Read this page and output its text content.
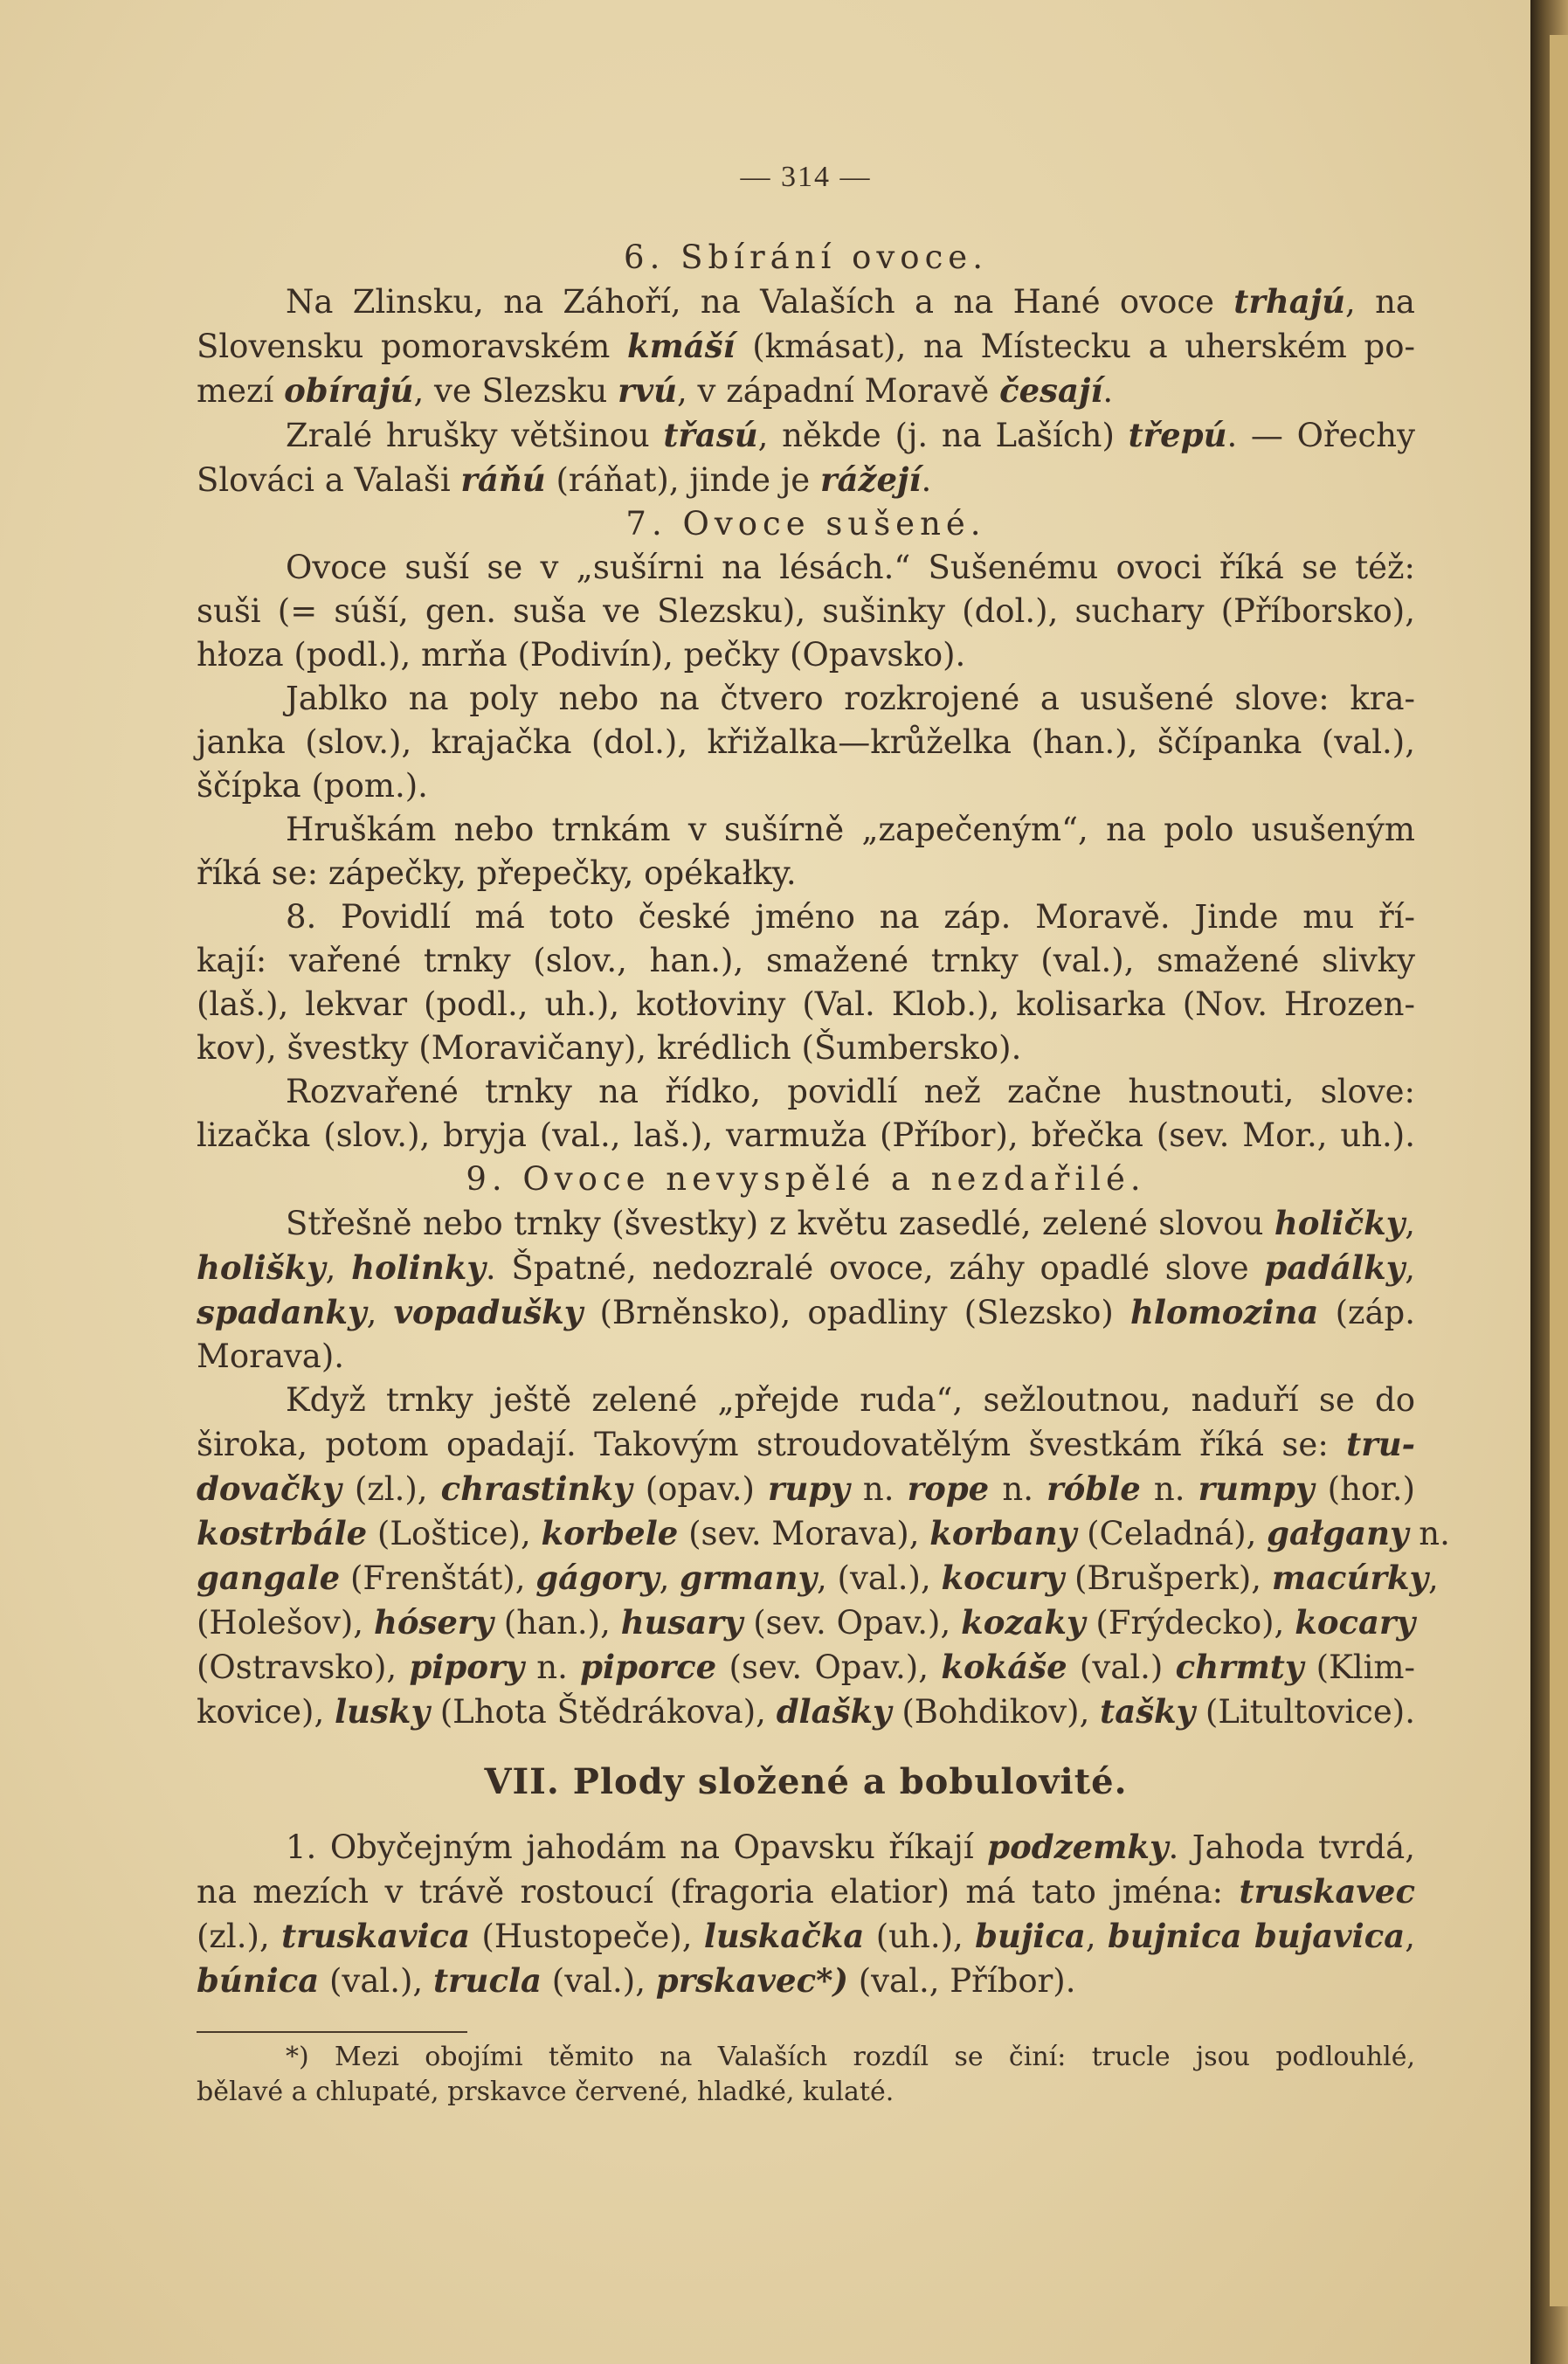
— 314 —
6. Sbírání ovoce.
Na Zlinsku, na Záhoří, na Valaších a na Hané ovoce trhajú, na
Slovensku pomoravském kmáší (kmásat), na Místecku a uherském po-
mezí obírajú, ve Slezsku rvú, v západní Moravě česají.
Zralé hrušky většinou třasú, někde (j. na Laších) třepú. — Ořechy
Slováci a Valaši ráňú (ráňat), jinde je rážejí.
7. Ovoce sušené.
Ovoce suší se v „sušírni na lésách.“ Sušenému ovoci říká se též:
suši (= súší, gen. suša ve Slezsku), sušinky (dol.), suchary (Příborsko),
hłoza (podl.), mrňa (Podivín), pečky (Opavsko).
Jablko na poly nebo na čtvero rozkrojené a usušené slove: kra-
janka (slov.), krajačka (dol.), křižalka—krůželka (han.), ščípanka (val.),
ščípka (pom.).
Hruškám nebo trnkám v sušírně „zapečeným“, na polo usušeným
říká se: zápečky, přepečky, opékałky.
8. Povidlí má toto české jméno na záp. Moravě. Jinde mu ří-
kají: vařené trnky (slov., han.), smažené trnky (val.), smažené slivky
(laš.), lekvar (podl., uh.), kotłoviny (Val. Klob.), kolisarka (Nov. Hrozen-
kov), švestky (Moravičany), krédlich (Šumbersko).
Rozvařené trnky na řídko, povidlí než začne hustnouti, slove:
lizačka (slov.), bryja (val., laš.), varmuža (Příbor), břečka (sev. Mor., uh.).
9. Ovoce nevyspělé a nezdařilé.
Střešně nebo trnky (švestky) z květu zasedlé, zelené slovou holičky,
holišky, holinky. Špatné, nedozralé ovoce, záhy opadlé slove padálky,
spadanky, vopadušky (Brněnsko), opadliny (Slezsko) hlomozina (záp.
Morava).
Když trnky ještě zelené „přejde ruda“, sežloutnou, naduří se do
široka, potom opadají. Takovým stroudovatělým švestkám říká se: tru-
dovačky (zl.), chrastinky (opav.) rupy n. rope n. róble n. rumpy (hor.)
kostrbále (Loštice), korbele (sev. Morava), korbany (Celadná), gałgany n.
gangale (Frenštát), gágory, grmany, (val.), kocury (Brušperk), macúrky,
(Holešov), hósery (han.), husary (sev. Opav.), kozaky (Frýdecko), kocary
(Ostravsko), pipory n. piporce (sev. Opav.), kokáše (val.) chrmty (Klim-
kovice), lusky (Lhota Štědrákova), dlašky (Bohdikov), tašky (Litultovice).
VII. Plody složené a bobulovité.
1. Obyčejným jahodám na Opavsku říkají podzemky. Jahoda tvrdá,
na mezích v trávě rostoucí (fragoria elatior) má tato jména: truskavec
(zl.), truskavica (Hustopeče), luskačka (uh.), bujica, bujnica bujavica,
búnica (val.), trucla (val.), prskavec*) (val., Příbor).
*) Mezi obojími těmito na Valaších rozdíl se činí: trucle jsou podlouhlé,
bělavé a chlupaté, prskavce červené, hladké, kulaté.
